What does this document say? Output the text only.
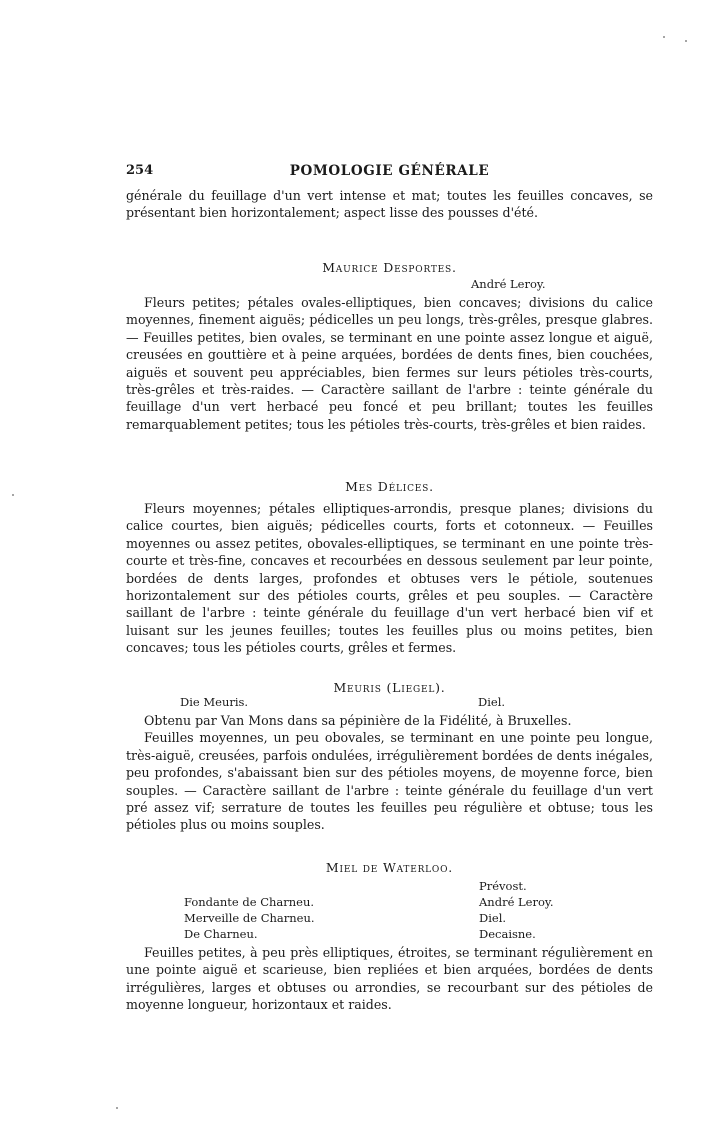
254	POMOLOGIE GÉNÉRALE

générale du feuillage d'un vert intense et mat; toutes les feuilles concaves, se présentant bien horizontalement; aspect lisse des pousses d'été.

Maurice Desportes.
André Leroy.

Fleurs petites; pétales ovales-elliptiques, bien concaves; divisions du calice moyennes, finement aiguës; pédicelles un peu longs, très-grêles, presque glabres. — Feuilles petites, bien ovales, se terminant en une pointe assez longue et aiguë, creusées en gouttière et à peine arquées, bordées de dents fines, bien couchées, aiguës et souvent peu appréciables, bien fermes sur leurs pétioles très-courts, très-grêles et très-raides. — Caractère saillant de l'arbre : teinte générale du feuillage d'un vert herbacé peu foncé et peu brillant; toutes les feuilles remarquablement petites; tous les pétioles très-courts, très-grêles et bien raides.

Mes Délices.

Fleurs moyennes; pétales elliptiques-arrondis, presque planes; divisions du calice courtes, bien aiguës; pédicelles courts, forts et cotonneux. — Feuilles moyennes ou assez petites, obovales-elliptiques, se terminant en une pointe très-courte et très-fine, concaves et recourbées en dessous seulement par leur pointe, bordées de dents larges, profondes et obtuses vers le pétiole, soutenues horizontalement sur des pétioles courts, grêles et peu souples. — Caractère saillant de l'arbre : teinte générale du feuillage d'un vert herbacé bien vif et luisant sur les jeunes feuilles; toutes les feuilles plus ou moins petites, bien concaves; tous les pétioles courts, grêles et fermes.

Meuris (Liegel).
Die Meuris.	Diel.

Obtenu par Van Mons dans sa pépinière de la Fidélité, à Bruxelles.

Feuilles moyennes, un peu obovales, se terminant en une pointe peu longue, très-aiguë, creusées, parfois ondulées, irrégulièrement bordées de dents inégales, peu profondes, s'abaissant bien sur des pétioles moyens, de moyenne force, bien souples. — Caractère saillant de l'arbre : teinte générale du feuillage d'un vert pré assez vif; serrature de toutes les feuilles peu régulière et obtuse; tous les pétioles plus ou moins souples.

Miel de Waterloo.
Prévost.
Fondante de Charneu.	André Leroy.
Merveille de Charneu.	Diel.
De Charneu.	Decaisne.

Feuilles petites, à peu près elliptiques, étroites, se terminant régulièrement en une pointe aiguë et scarieuse, bien repliées et bien arquées, bordées de dents irrégulières, larges et obtuses ou arrondies, se recourbant sur des pétioles de moyenne longueur, horizontaux et raides.
